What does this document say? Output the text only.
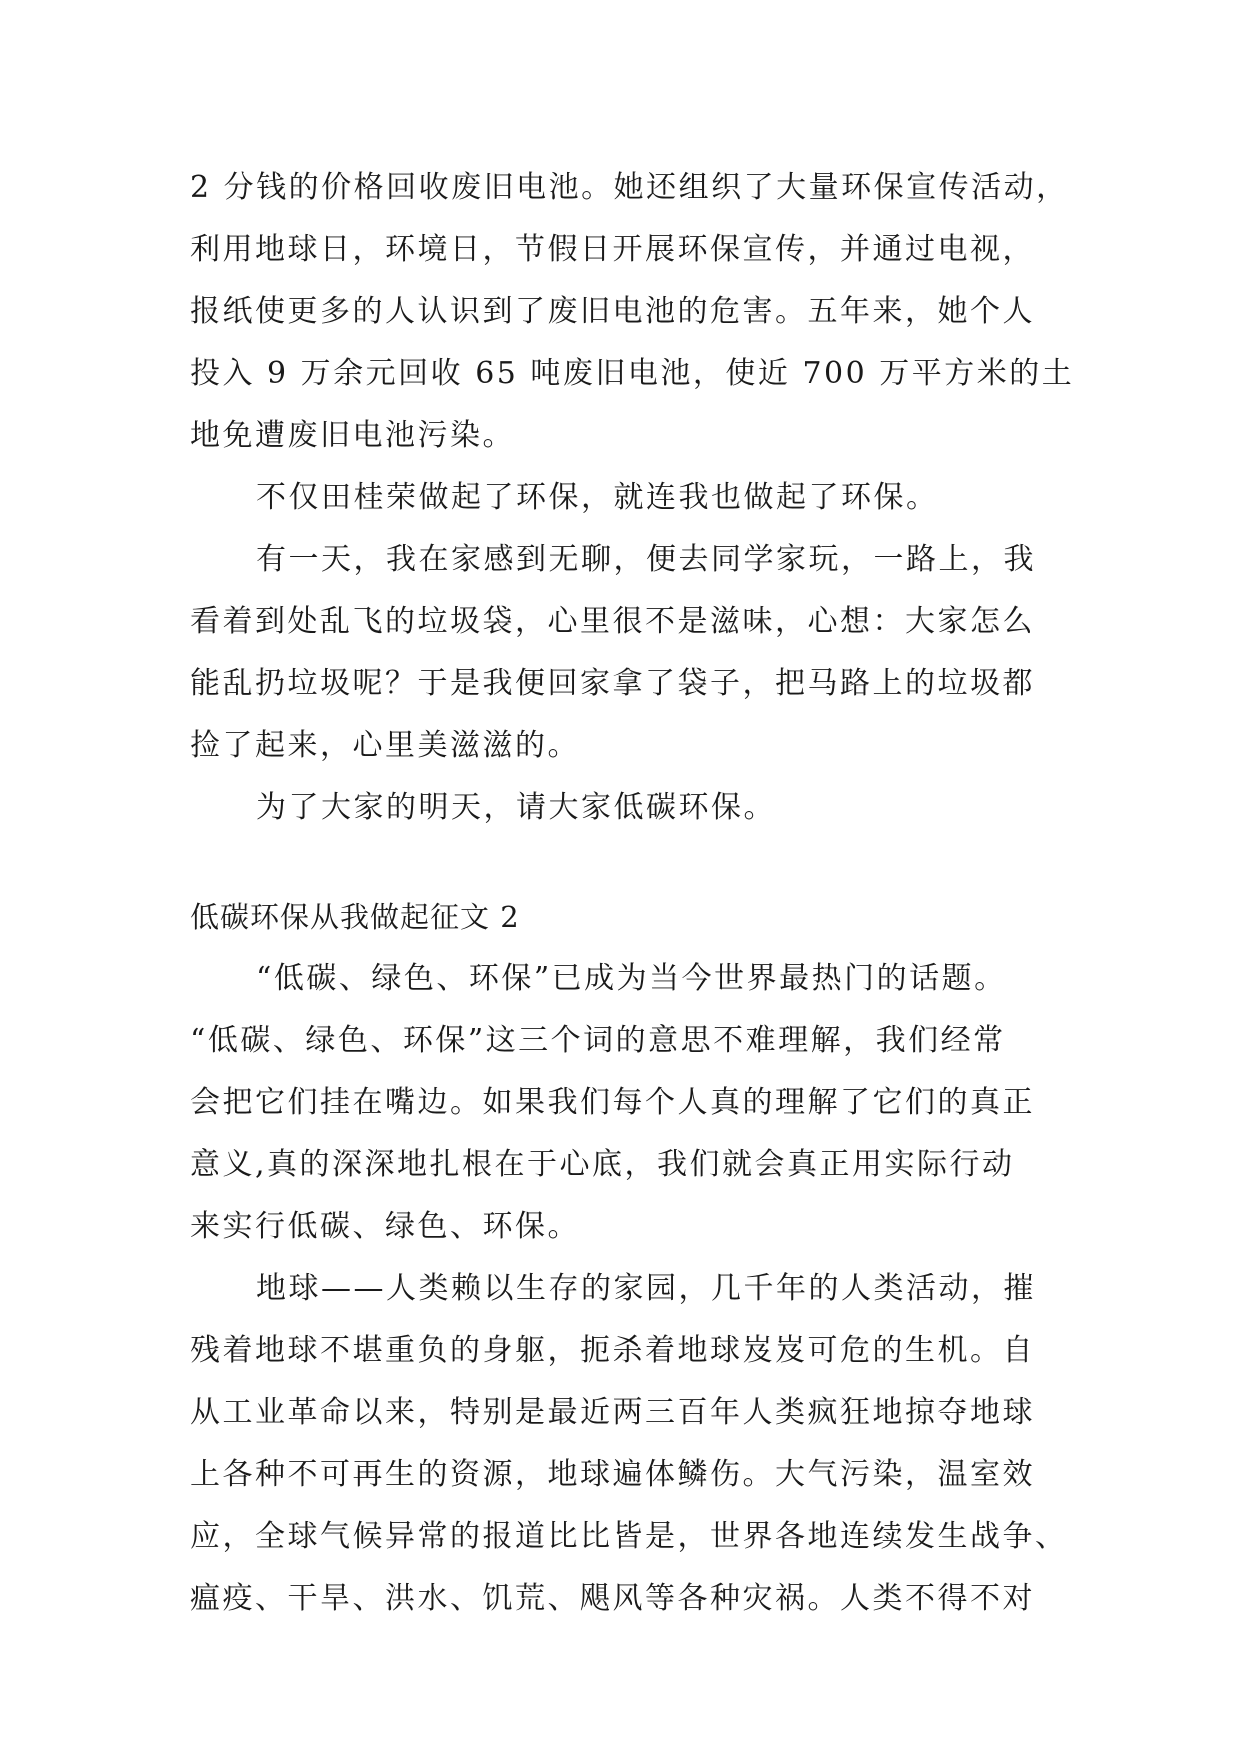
2 分钱的价格回收废旧电池。她还组织了大量环保宣传活动，
利用地球日，环境日，节假日开展环保宣传，并通过电视，
报纸使更多的人认识到了废旧电池的危害。五年来，她个人
投入 9 万余元回收 65 吨废旧电池，使近 700 万平方米的土
地免遭废旧电池污染。
不仅田桂荣做起了环保，就连我也做起了环保。
有一天，我在家感到无聊，便去同学家玩，一路上，我
看着到处乱飞的垃圾袋，心里很不是滋味，心想：大家怎么
能乱扔垃圾呢？于是我便回家拿了袋子，把马路上的垃圾都
捡了起来，心里美滋滋的。
为了大家的明天，请大家低碳环保。
低碳环保从我做起征文 2
“低碳、绿色、环保”已成为当今世界最热门的话题。
“低碳、绿色、环保”这三个词的意思不难理解，我们经常
会把它们挂在嘴边。如果我们每个人真的理解了它们的真正
意义,真的深深地扎根在于心底，我们就会真正用实际行动
来实行低碳、绿色、环保。
地球——人类赖以生存的家园，几千年的人类活动，摧
残着地球不堪重负的身躯，扼杀着地球岌岌可危的生机。自
从工业革命以来，特别是最近两三百年人类疯狂地掠夺地球
上各种不可再生的资源，地球遍体鳞伤。大气污染，温室效
应，全球气候异常的报道比比皆是，世界各地连续发生战争、
瘟疫、干旱、洪水、饥荒、飓风等各种灾祸。人类不得不对
